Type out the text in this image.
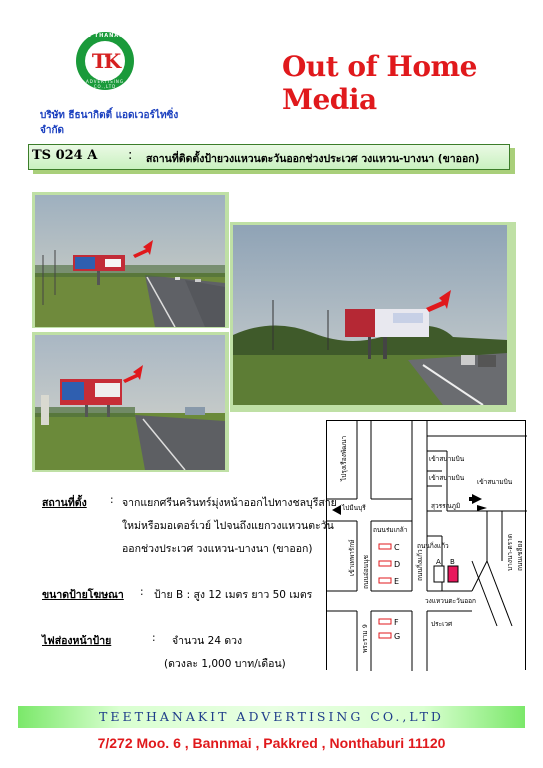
TEE THANAKIT
TK
ADVERTISING CO.,LTD
บริษัท ธีธนากิตติ์ แอดเวอร์ไทซิ่ง จำกัด
Out of Home Media
TS 024 A : สถานที่ติดตั้งป้ายวงแหวนตะวันออกช่วงประเวศ วงแหวน-บางนา (ขาออก)
ไปรุงเรืองพัฒนา	เข้าสนามบิน
เข้าสนามบิน เข้าสนามบิน
สุวรรณภูมิ
ไปมีนบุรี
ถนนร่มเกล้า
เข้าเทพารักษ์	ถนนกิ่งแก้ว	บางนา-ตราด ถนนเชลียง
วงแหวนตะวันออก
ประเวศ
พระราม 9
ถนนอ่อนนุช	ถนนกิ่งแก้ว
C
D
E
F
G
A B
สถานที่ตั้ง : จากแยกศรีนครินทร์มุ่งหน้าออกไปทางชลบุรีสาย
ใหม่หรือมอเตอร์เวย์ ไปจนถึงแยกวงแหวนตะวัน
ออกช่วงประเวศ วงแหวน-บางนา (ขาออก)
ขนาดป้ายโฆษณา : ป้าย B : สูง 12 เมตร ยาว 50 เมตร
ไฟส่องหน้าป้าย	: จำนวน 24 ดวง
(ดวงละ 1,000 บาท/เดือน)
TEETHANAKIT ADVERTISING CO.,LTD
7/272 Moo. 6 , Bannmai , Pakkred , Nonthaburi 11120
